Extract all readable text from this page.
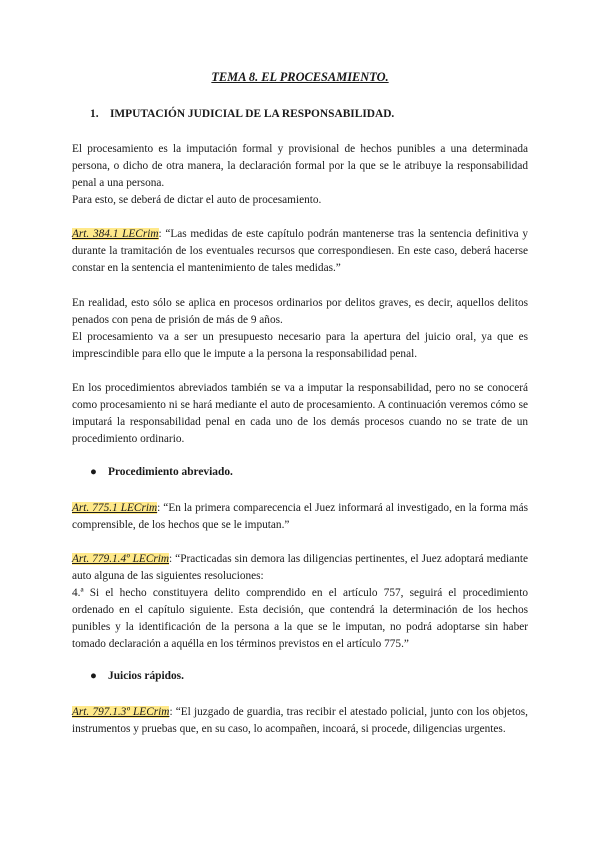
TEMA 8. EL PROCESAMIENTO.
1. IMPUTACIÓN JUDICIAL DE LA RESPONSABILIDAD.

El procesamiento es la imputación formal y provisional de hechos punibles a una determinada persona, o dicho de otra manera, la declaración formal por la que se le atribuye la responsabilidad penal a una persona.

Para esto, se deberá de dictar el auto de procesamiento.

Art. 384.1 LECrim: “Las medidas de este capítulo podrán mantenerse tras la sentencia definitiva y durante la tramitación de los eventuales recursos que correspondiesen. En este caso, deberá hacerse constar en la sentencia el mantenimiento de tales medidas.”

En realidad, esto sólo se aplica en procesos ordinarios por delitos graves, es decir, aquellos delitos penados con pena de prisión de más de 9 años.

El procesamiento va a ser un presupuesto necesario para la apertura del juicio oral, ya que es imprescindible para ello que le impute a la persona la responsabilidad penal.

En los procedimientos abreviados también se va a imputar la responsabilidad, pero no se conocerá como procesamiento ni se hará mediante el auto de procesamiento. A continuación veremos cómo se imputará la responsabilidad penal en cada uno de los demás procesos cuando no se trate de un procedimiento ordinario.

● Procedimiento abreviado.

Art. 775.1 LECrim: “En la primera comparecencia el Juez informará al investigado, en la forma más comprensible, de los hechos que se le imputan.”

Art. 779.1.4º LECrim: “Practicadas sin demora las diligencias pertinentes, el Juez adoptará mediante auto alguna de las siguientes resoluciones:

4.ª Si el hecho constituyera delito comprendido en el artículo 757, seguirá el procedimiento ordenado en el capítulo siguiente. Esta decisión, que contendrá la determinación de los hechos punibles y la identificación de la persona a la que se le imputan, no podrá adoptarse sin haber tomado declaración a aquélla en los términos previstos en el artículo 775.”

● Juicios rápidos.

Art. 797.1.3º LECrim: “El juzgado de guardia, tras recibir el atestado policial, junto con los objetos, instrumentos y pruebas que, en su caso, lo acompañen, incoará, si procede, diligencias urgentes.
